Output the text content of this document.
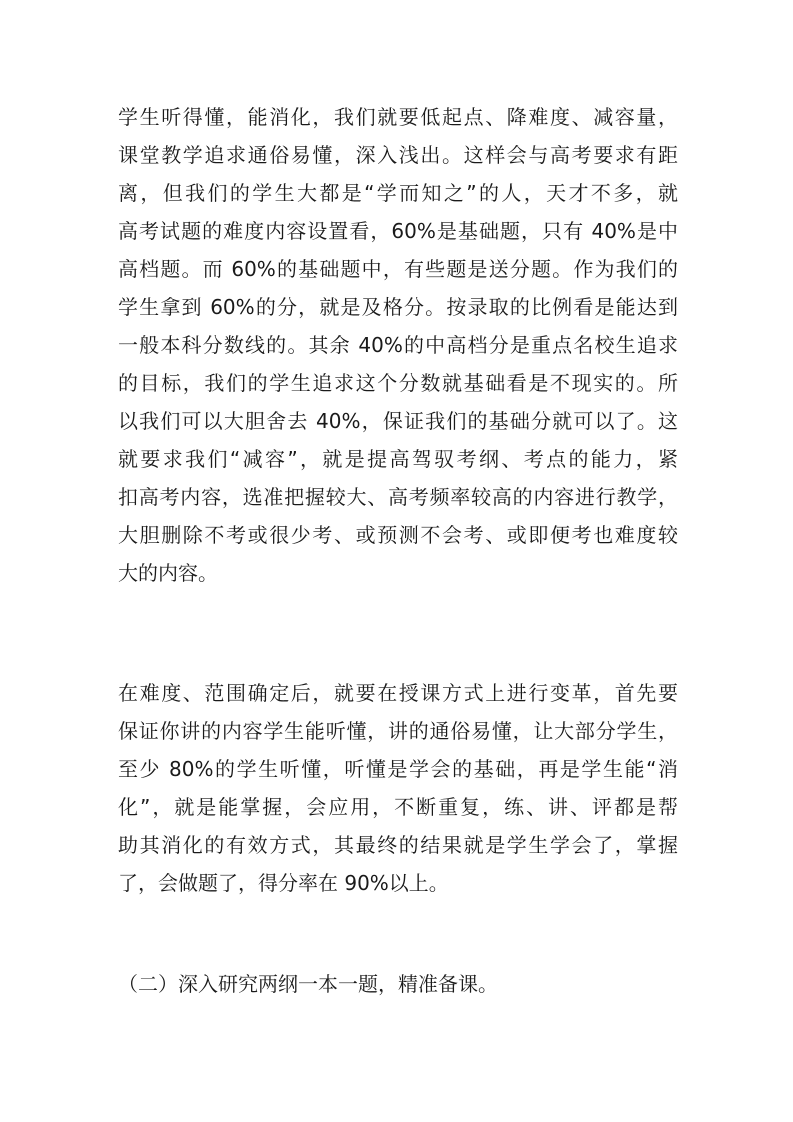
学生听得懂，能消化，我们就要低起点、降难度、减容量，
课堂教学追求通俗易懂，深入浅出。这样会与高考要求有距
离，但我们的学生大都是“学而知之”的人，天才不多，就
高考试题的难度内容设置看，60%是基础题，只有 40%是中
高档题。而 60%的基础题中，有些题是送分题。作为我们的
学生拿到 60%的分，就是及格分。按录取的比例看是能达到
一般本科分数线的。其余 40%的中高档分是重点名校生追求
的目标，我们的学生追求这个分数就基础看是不现实的。所
以我们可以大胆舍去 40%，保证我们的基础分就可以了。这
就要求我们“减容”，就是提高驾驭考纲、考点的能力，紧
扣高考内容，选准把握较大、高考频率较高的内容进行教学，
大胆删除不考或很少考、或预测不会考、或即便考也难度较
大的内容。
在难度、范围确定后，就要在授课方式上进行变革，首先要
保证你讲的内容学生能听懂，讲的通俗易懂，让大部分学生，
至少 80%的学生听懂，听懂是学会的基础，再是学生能“消
化”，就是能掌握，会应用，不断重复，练、讲、评都是帮
助其消化的有效方式，其最终的结果就是学生学会了，掌握
了，会做题了，得分率在 90%以上。
（二）深入研究两纲一本一题，精准备课。
